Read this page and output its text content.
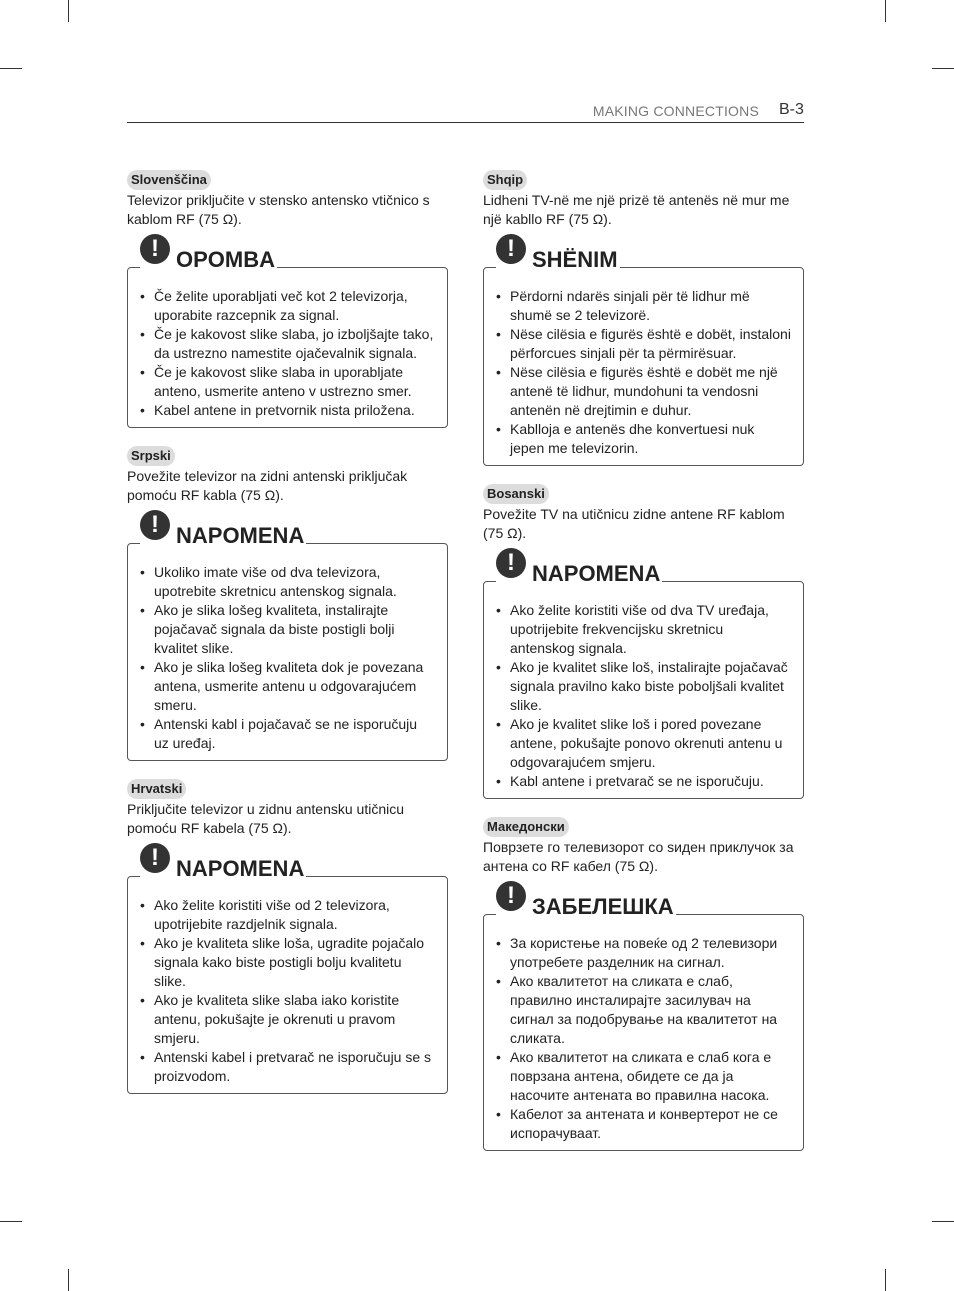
MAKING CONNECTIONS B-3
Slovenščina

Televizor priključite v stensko antensko vtičnico s kablom RF (75 Ω).

! OPOMBA
• Če želite uporabljati več kot 2 televizorja, uporabite razcepnik za signal.
• Če je kakovost slike slaba, jo izboljšajte tako, da ustrezno namestite ojačevalnik signala.
• Če je kakovost slike slaba in uporabljate anteno, usmerite anteno v ustrezno smer.
• Kabel antene in pretvornik nista priložena.
Srpski

Povežite televizor na zidni antenski priključak pomoću RF kabla (75 Ω).

! NAPOMENA
• Ukoliko imate više od dva televizora, upotrebite skretnicu antenskog signala.
• Ako je slika lošeg kvaliteta, instalirajte pojačavač signala da biste postigli bolji kvalitet slike.
• Ako je slika lošeg kvaliteta dok je povezana antena, usmerite antenu u odgovarajućem smeru.
• Antenski kabl i pojačavač se ne isporučuju uz uređaj.
Hrvatski

Priključite televizor u zidnu antensku utičnicu pomoću RF kabela (75 Ω).

! NAPOMENA
• Ako želite koristiti više od 2 televizora, upotrijebite razdjelnik signala.
• Ako je kvaliteta slike loša, ugradite pojačalo signala kako biste postigli bolju kvalitetu slike.
• Ako je kvaliteta slike slaba iako koristite antenu, pokušajte je okrenuti u pravom smjeru.
• Antenski kabel i pretvarač ne isporučuju se s proizvodom.
Shqip

Lidheni TV-në me një prizë të antenës në mur me një kabllo RF (75 Ω).

! SHËNIM
• Përdorni ndarës sinjali për të lidhur më shumë se 2 televizorë.
• Nëse cilësia e figurës është e dobët, instaloni përforcues sinjali për ta përmirësuar.
• Nëse cilësia e figurës është e dobët me një antenë të lidhur, mundohuni ta vendosni antenën në drejtimin e duhur.
• Kablloja e antenës dhe konvertuesi nuk jepen me televizorin.
Bosanski

Povežite TV na utičnicu zidne antene RF kablom (75 Ω).

! NAPOMENA
• Ako želite koristiti više od dva TV uređaja, upotrijebite frekvencijsku skretnicu antenskog signala.
• Ako je kvalitet slike loš, instalirajte pojačavač signala pravilno kako biste poboljšali kvalitet slike.
• Ako je kvalitet slike loš i pored povezane antene, pokušajte ponovo okrenuti antenu u odgovarajućem smjeru.
• Kabl antene i pretvarač se ne isporučuju.
Македонски

Поврзете го телевизорот со ѕиден приклучок за антена со RF кабел (75 Ω).

! ЗАБЕЛЕШКА
• За користење на повеќе од 2 телевизори употребете разделник на сигнал.
• Ако квалитетот на сликата е слаб, правилно инсталирајте засилувач на сигнал за подобрување на квалитетот на сликата.
• Ако квалитетот на сликата е слаб кога е поврзана антена, обидете се да ја насочите антената во правилна насока.
• Кабелот за антената и конвертерот не се испорачуваат.
